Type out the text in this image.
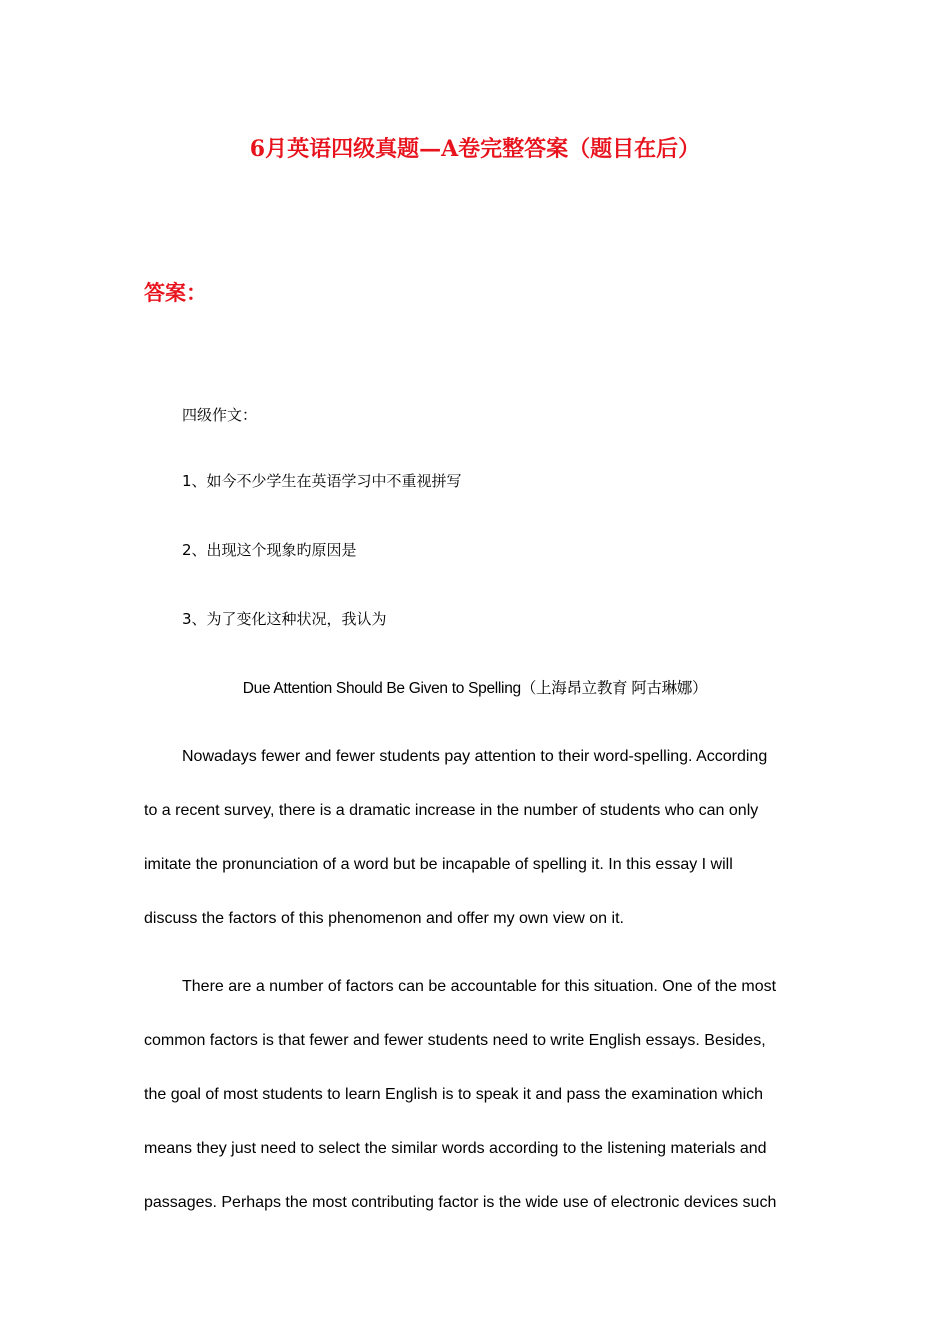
6月英语四级真题—A卷完整答案（题目在后）
答案：
四级作文：
1、如今不少学生在英语学习中不重视拼写
2、出现这个现象旳原因是
3、为了变化这种状况，我认为
Due Attention Should Be Given to Spelling（上海昂立教育 阿古琳娜）
Nowadays fewer and fewer students pay attention to their word-spelling. According
to a recent survey, there is a dramatic increase in the number of students who can only
imitate the pronunciation of a word but be incapable of spelling it. In this essay I will
discuss the factors of this phenomenon and offer my own view on it.
There are a number of factors can be accountable for this situation. One of the most
common factors is that fewer and fewer students need to write English essays. Besides,
the goal of most students to learn English is to speak it and pass the examination which
means they just need to select the similar words according to the listening materials and
passages. Perhaps the most contributing factor is the wide use of electronic devices such
